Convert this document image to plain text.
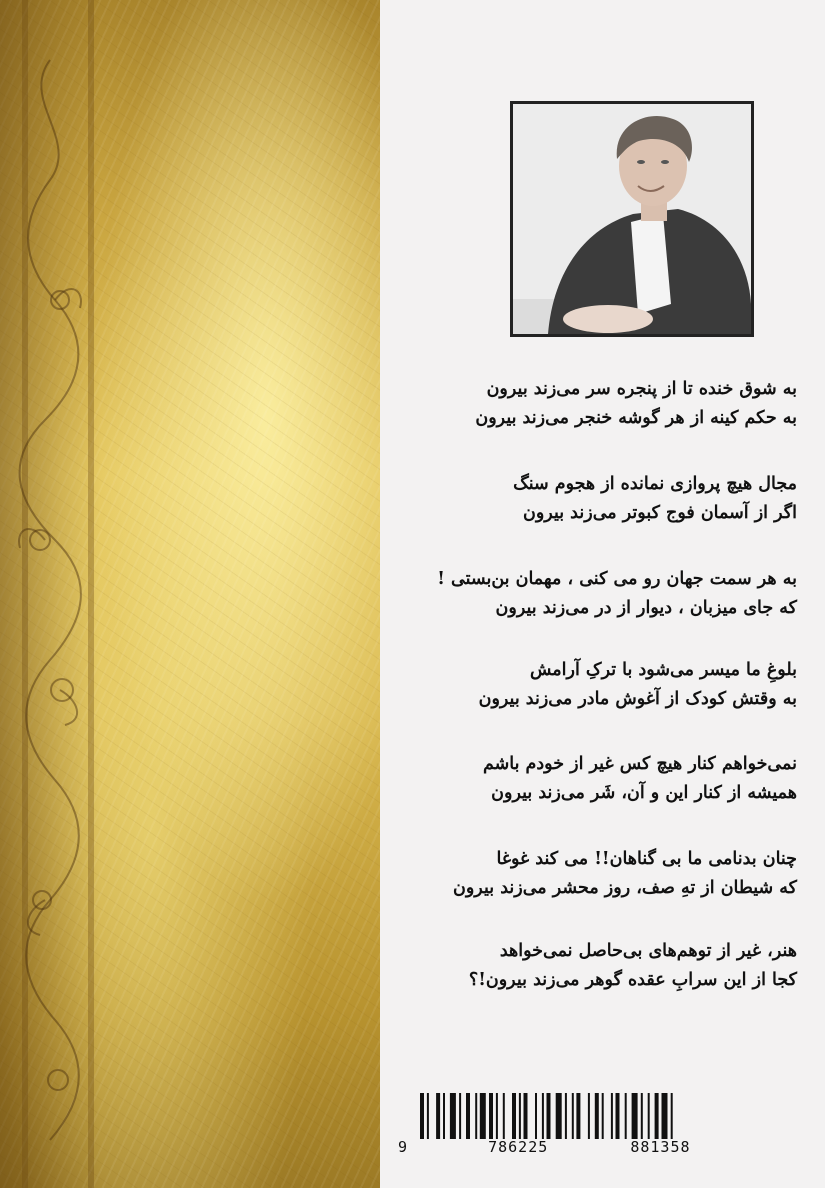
به شوق خنده تا از پنجره سر می‌زند بیرون
به حکم کینه از هر گوشه خنجر می‌زند بیرون
مجال هیچ پروازی نمانده از هجوم سنگ
اگر از آسمان فوج کبوتر می‌زند بیرون
به هر سمت جهان رو می کنی ، مهمان بن‌بستی !
که جای میزبان ، دیوار از در می‌زند بیرون
بلوغِ ما میسر می‌شود با ترکِ آرامش
به وقتش کودک از آغوش مادر می‌زند بیرون
نمی‌خواهم کنار هیچ کس غیر از خودم باشم
همیشه از کنار این و آن، شَر می‌زند بیرون
چنان بدنامی ما بی گناهان!! می کند غوغا
که شیطان از تهِ صف، روز محشر می‌زند بیرون
هنر، غیر از توهم‌های بی‌حاصل نمی‌خواهد
کجا از این سرابِ عقده گوهر می‌زند بیرون!؟
9	786225	881358
